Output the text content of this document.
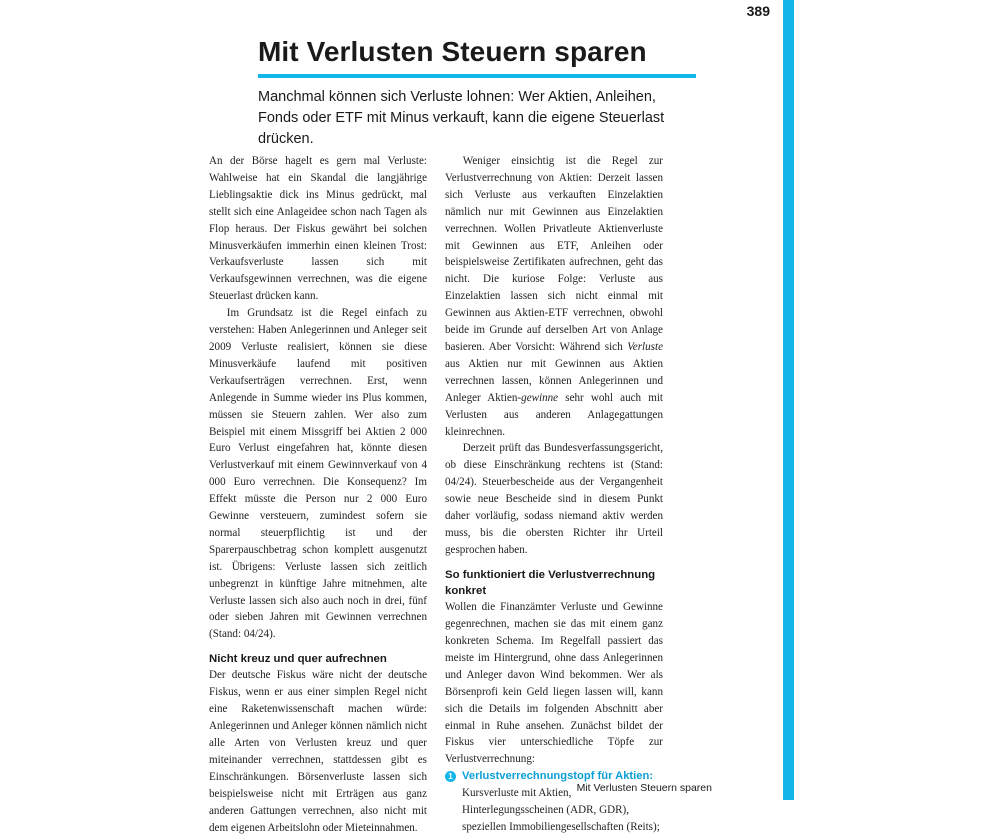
389
Mit Verlusten Steuern sparen

Manchmal können sich Verluste lohnen: Wer Aktien, Anleihen, Fonds oder ETF mit Minus verkauft, kann die eigene Steuerlast drücken.

An der Börse hagelt es gern mal Verluste: Wahlweise hat ein Skandal die langjährige Lieblingsaktie dick ins Minus gedrückt, mal stellt sich eine Anlageidee schon nach Tagen als Flop heraus. Der Fiskus gewährt bei solchen Minusverkäufen immerhin einen kleinen Trost: Verkaufsverluste lassen sich mit Verkaufsgewinnen verrechnen, was die eigene Steuerlast drücken kann.

Im Grundsatz ist die Regel einfach zu verstehen: Haben Anlegerinnen und Anleger seit 2009 Verluste realisiert, können sie diese Minusverkäufe laufend mit positiven Verkaufserträgen verrechnen. Erst, wenn Anlegende in Summe wieder ins Plus kommen, müssen sie Steuern zahlen. Wer also zum Beispiel mit einem Missgriff bei Aktien 2 000 Euro Verlust eingefahren hat, könnte diesen Verlustverkauf mit einem Gewinnverkauf von 4 000 Euro verrechnen. Die Konsequenz? Im Effekt müsste die Person nur 2 000 Euro Gewinne versteuern, zumindest sofern sie normal steuerpflichtig ist und der Sparerpauschbetrag schon komplett ausgenutzt ist. Übrigens: Verluste lassen sich zeitlich unbegrenzt in künftige Jahre mitnehmen, alte Verluste lassen sich also auch noch in drei, fünf oder sieben Jahren mit Gewinnen verrechnen (Stand: 04/24).

Nicht kreuz und quer aufrechnen

Der deutsche Fiskus wäre nicht der deutsche Fiskus, wenn er aus einer simplen Regel nicht eine Raketenwissenschaft machen würde: Anlegerinnen und Anleger können nämlich nicht alle Arten von Verlusten kreuz und quer miteinander verrechnen, stattdessen gibt es Einschränkungen. Börsenverluste lassen sich beispielsweise nicht mit Erträgen aus ganz anderen Gattungen verrechnen, also nicht mit dem eigenen Arbeitslohn oder Mieteinnahmen.

Weniger einsichtig ist die Regel zur Verlustverrechnung von Aktien: Derzeit lassen sich Verluste aus verkauften Einzelaktien nämlich nur mit Gewinnen aus Einzelaktien verrechnen. Wollen Privatleute Aktienverluste mit Gewinnen aus ETF, Anleihen oder beispielsweise Zertifikaten aufrechnen, geht das nicht. Die kuriose Folge: Verluste aus Einzelaktien lassen sich nicht einmal mit Gewinnen aus Aktien-ETF verrechnen, obwohl beide im Grunde auf derselben Art von Anlage basieren. Aber Vorsicht: Während sich Verluste aus Aktien nur mit Gewinnen aus Aktien verrechnen lassen, können Anlegerinnen und Anleger Aktien-gewinne sehr wohl auch mit Verlusten aus anderen Anlagegattungen kleinrechnen.

Derzeit prüft das Bundesverfassungsgericht, ob diese Einschränkung rechtens ist (Stand: 04/24). Steuerbescheide aus der Vergangenheit sowie neue Bescheide sind in diesem Punkt daher vorläufig, sodass niemand aktiv werden muss, bis die obersten Richter ihr Urteil gesprochen haben.

So funktioniert die Verlustverrechnung konkret

Wollen die Finanzämter Verluste und Gewinne gegenrechnen, machen sie das mit einem ganz konkreten Schema. Im Regelfall passiert das meiste im Hintergrund, ohne dass Anlegerinnen und Anleger davon Wind bekommen. Wer als Börsenprofi kein Geld liegen lassen will, kann sich die Details im folgenden Abschnitt aber einmal in Ruhe ansehen. Zunächst bildet der Fiskus vier unterschiedliche Töpfe zur Verlustverrechnung:

1 Verlustverrechnungstopf für Aktien:
Kursverluste mit Aktien, Hinterlegungsscheinen (ADR, GDR), speziellen Immobiliengesellschaften (Reits);
Mit Verlusten Steuern sparen
